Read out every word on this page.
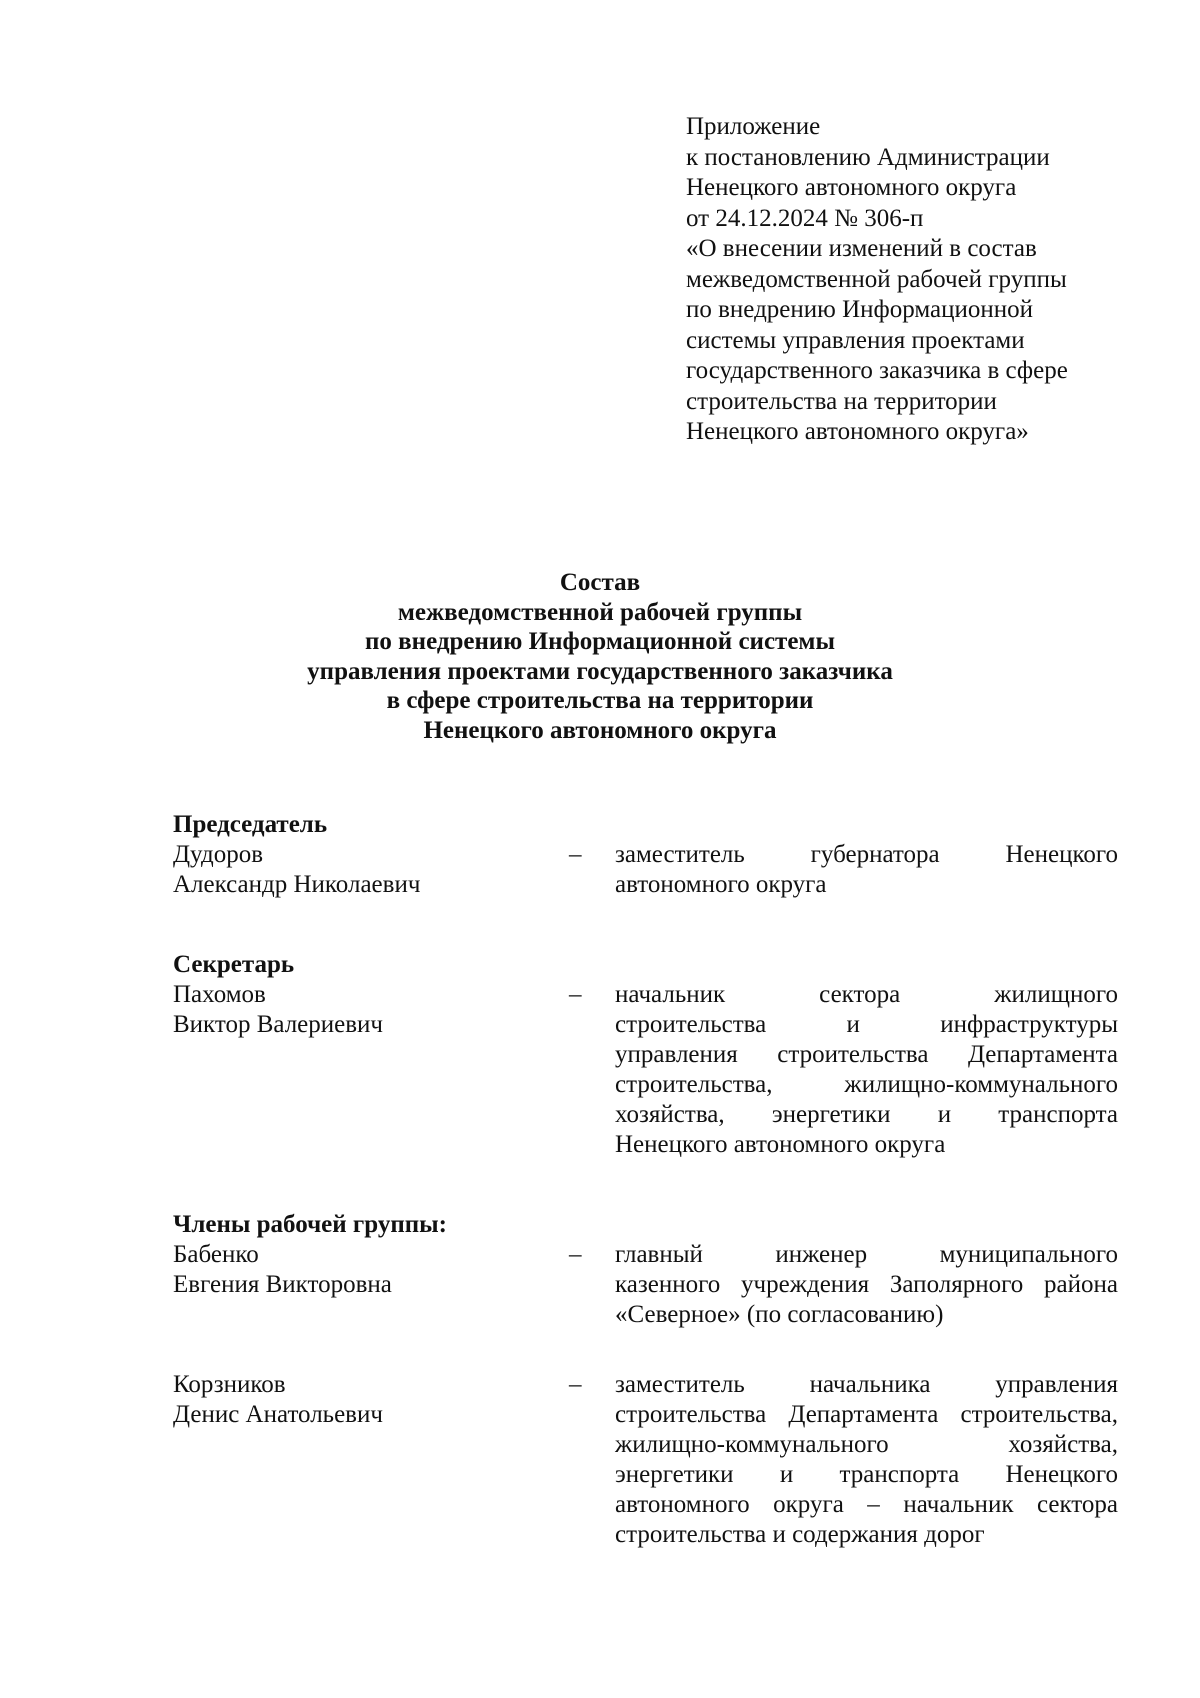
Приложение
к постановлению Администрации
Ненецкого автономного округа
от 24.12.2024 № 306-п
«О внесении изменений в состав
межведомственной рабочей группы
по внедрению Информационной
системы управления проектами
государственного заказчика в сфере
строительства на территории
Ненецкого автономного округа»
Состав
межведомственной рабочей группы
по внедрению Информационной системы
управления проектами государственного заказчика
в сфере строительства на территории
Ненецкого автономного округа
Председатель
Дудоров
Александр Николаевич
–	заместитель губернатора Ненецкого
автономного округа
Секретарь
Пахомов
Виктор Валериевич
–	начальник сектора жилищного
строительства и инфраструктуры
управления строительства Департамента
строительства, жилищно-коммунального
хозяйства, энергетики и транспорта
Ненецкого автономного округа
Члены рабочей группы:
Бабенко
Евгения Викторовна
–	главный инженер муниципального
казенного учреждения Заполярного района
«Северное» (по согласованию)
Корзников
Денис Анатольевич
–	заместитель начальника управления
строительства Департамента строительства,
жилищно-коммунального хозяйства,
энергетики и транспорта Ненецкого
автономного округа – начальник сектора
строительства и содержания дорог
